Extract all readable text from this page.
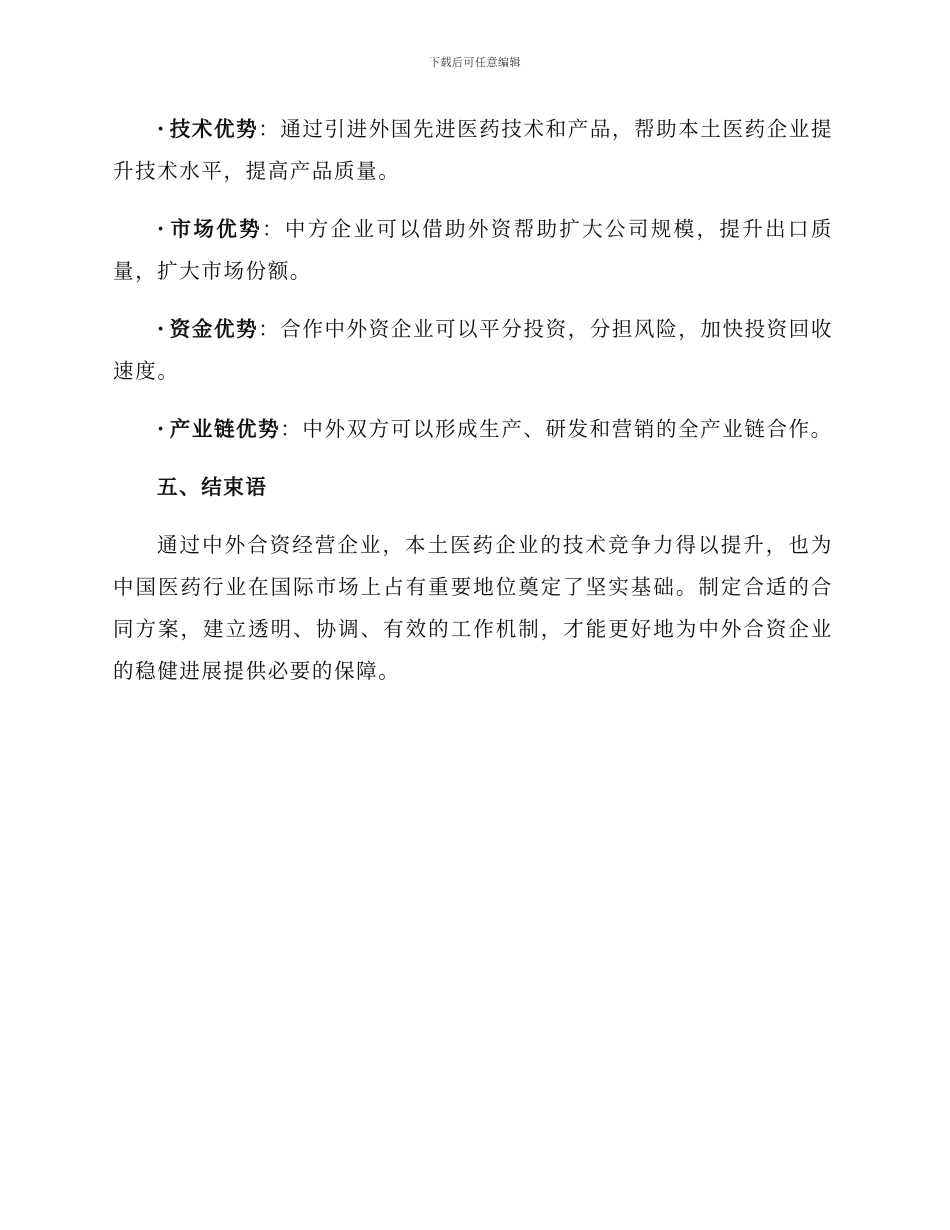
下载后可任意编辑

· 技术优势：通过引进外国先进医药技术和产品，帮助本土医药企业提升技术水平，提高产品质量。

· 市场优势：中方企业可以借助外资帮助扩大公司规模，提升出口质量，扩大市场份额。

· 资金优势：合作中外资企业可以平分投资，分担风险，加快投资回收速度。

· 产业链优势：中外双方可以形成生产、研发和营销的全产业链合作。

五、结束语

通过中外合资经营企业，本土医药企业的技术竞争力得以提升，也为中国医药行业在国际市场上占有重要地位奠定了坚实基础。制定合适的合同方案，建立透明、协调、有效的工作机制，才能更好地为中外合资企业的稳健进展提供必要的保障。
